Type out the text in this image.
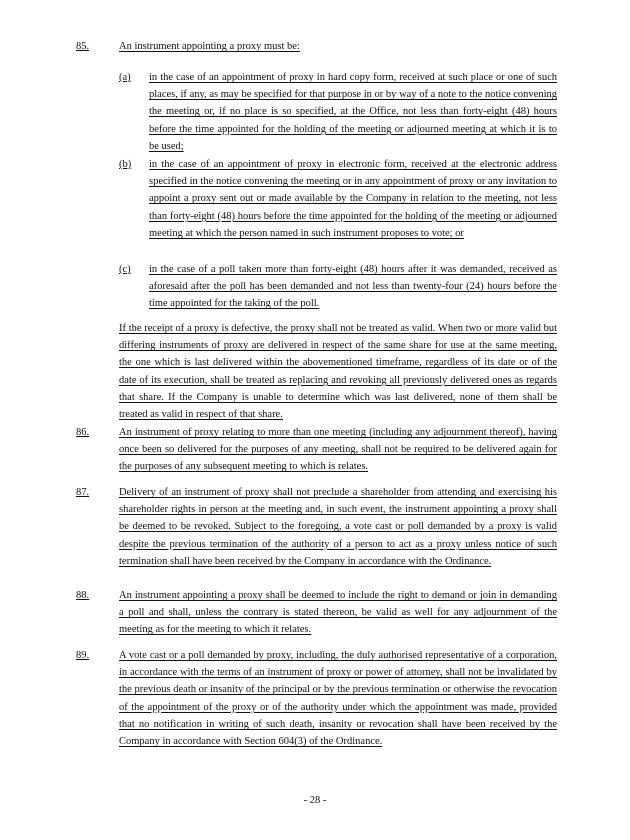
85.	An instrument appointing a proxy must be:
(a) in the case of an appointment of proxy in hard copy form, received at such place or one of such places, if any, as may be specified for that purpose in or by way of a note to the notice convening the meeting or, if no place is so specified, at the Office, not less than forty-eight (48) hours before the time appointed for the holding of the meeting or adjourned meeting at which it is to be used;
(b) in the case of an appointment of proxy in electronic form, received at the electronic address specified in the notice convening the meeting or in any appointment of proxy or any invitation to appoint a proxy sent out or made available by the Company in relation to the meeting, not less than forty-eight (48) hours before the time appointed for the holding of the meeting or adjourned meeting at which the person named in such instrument proposes to vote; or
(c) in the case of a poll taken more than forty-eight (48) hours after it was demanded, received as aforesaid after the poll has been demanded and not less than twenty-four (24) hours before the time appointed for the taking of the poll.
If the receipt of a proxy is defective, the proxy shall not be treated as valid. When two or more valid but differing instruments of proxy are delivered in respect of the same share for use at the same meeting, the one which is last delivered within the abovementioned timeframe, regardless of its date or of the date of its execution, shall be treated as replacing and revoking all previously delivered ones as regards that share. If the Company is unable to determine which was last delivered, none of them shall be treated as valid in respect of that share.
86.	An instrument of proxy relating to more than one meeting (including any adjournment thereof), having once been so delivered for the purposes of any meeting, shall not be required to be delivered again for the purposes of any subsequent meeting to which is relates.
87.	Delivery of an instrument of proxy shall not preclude a shareholder from attending and exercising his shareholder rights in person at the meeting and, in such event, the instrument appointing a proxy shall be deemed to be revoked. Subject to the foregoing, a vote cast or poll demanded by a proxy is valid despite the previous termination of the authority of a person to act as a proxy unless notice of such termination shall have been received by the Company in accordance with the Ordinance.
88.	An instrument appointing a proxy shall be deemed to include the right to demand or join in demanding a poll and shall, unless the contrary is stated thereon, be valid as well for any adjournment of the meeting as for the meeting to which it relates.
89.	A vote cast or a poll demanded by proxy, including, the duly authorised representative of a corporation, in accordance with the terms of an instrument of proxy or power of attorney, shall not be invalidated by the previous death or insanity of the principal or by the previous termination or otherwise the revocation of the appointment of the proxy or of the authority under which the appointment was made, provided that no notification in writing of such death, insanity or revocation shall have been received by the Company in accordance with Section 604(3) of the Ordinance.
- 28 -
